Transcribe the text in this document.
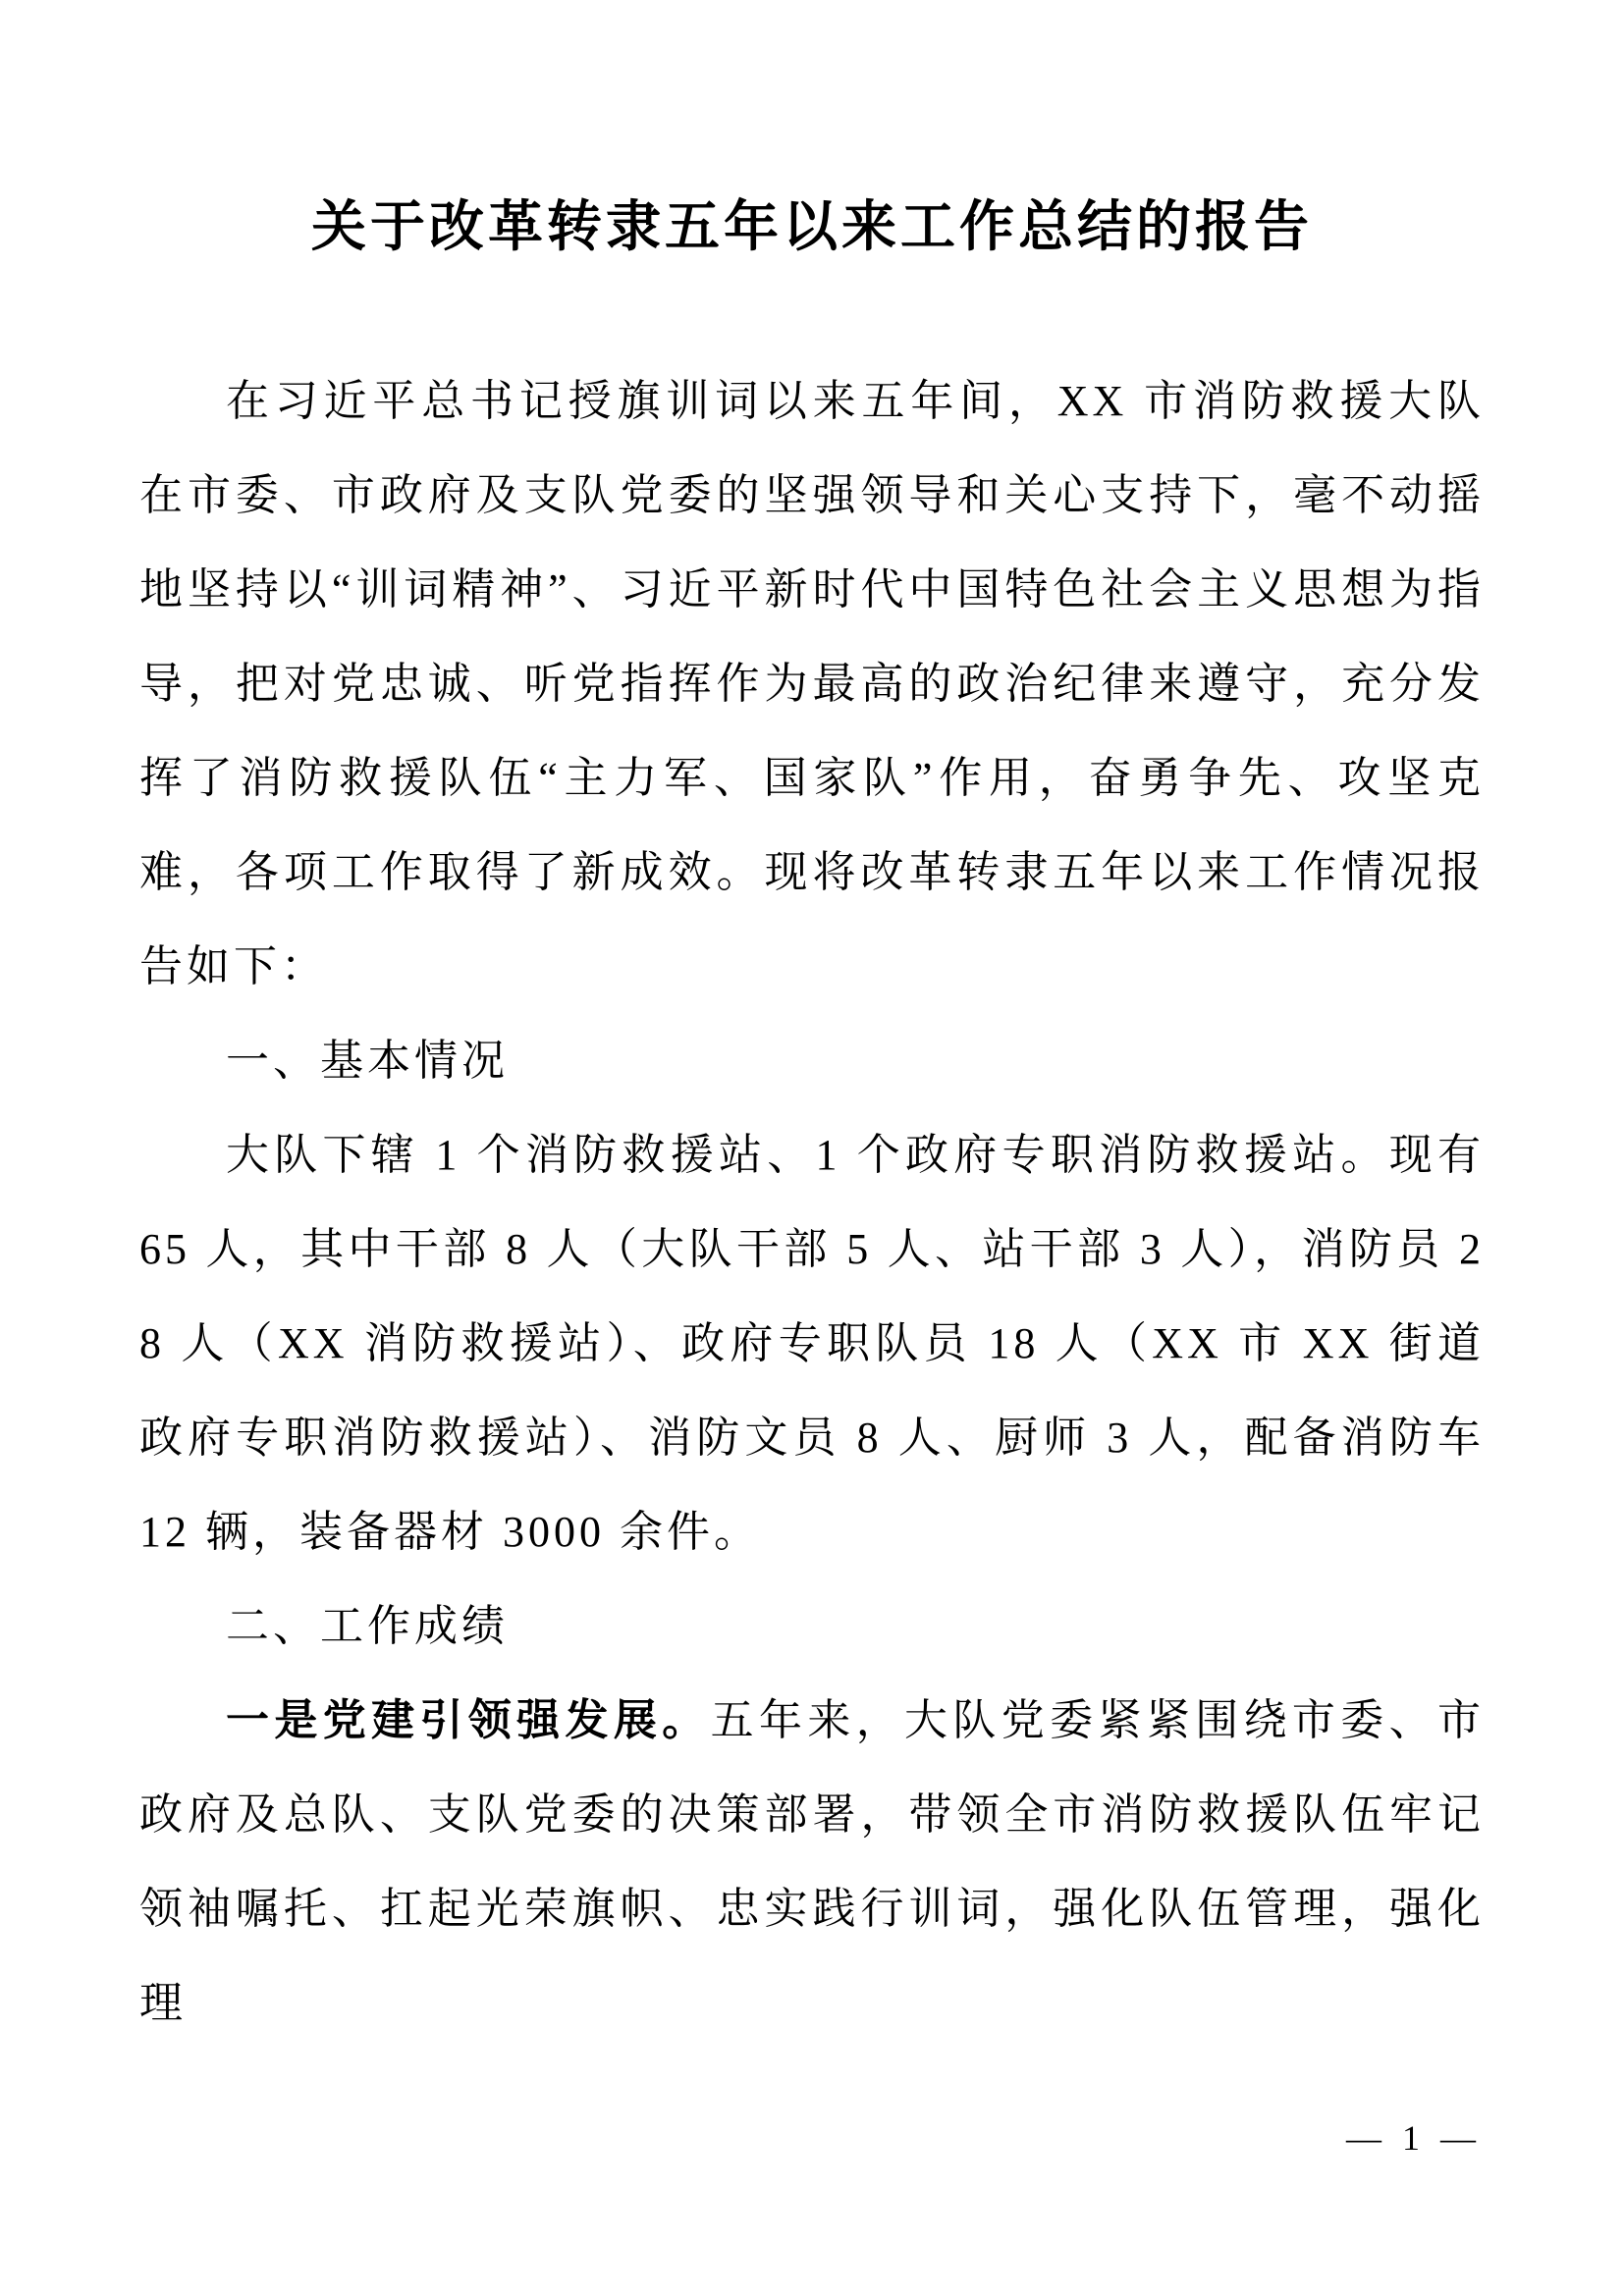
关于改革转隶五年以来工作总结的报告

在习近平总书记授旗训词以来五年间，XX 市消防救援大队在市委、市政府及支队党委的坚强领导和关心支持下，毫不动摇地坚持以“训词精神”、习近平新时代中国特色社会主义思想为指导，把对党忠诚、听党指挥作为最高的政治纪律来遵守，充分发挥了消防救援队伍“主力军、国家队”作用，奋勇争先、攻坚克难，各项工作取得了新成效。现将改革转隶五年以来工作情况报告如下：

一、基本情况

大队下辖 1 个消防救援站、1 个政府专职消防救援站。现有 65 人，其中干部 8 人（大队干部 5 人、站干部 3 人），消防员 28 人（XX 消防救援站）、政府专职队员 18 人（XX 市 XX 街道政府专职消防救援站）、消防文员 8 人、厨师 3 人，配备消防车 12 辆，装备器材 3000 余件。

二、工作成绩

一是党建引领强发展。五年来，大队党委紧紧围绕市委、市政府及总队、支队党委的决策部署，带领全市消防救援队伍牢记领袖嘱托、扛起光荣旗帜、忠实践行训词，强化队伍管理，强化理

— 1 —
